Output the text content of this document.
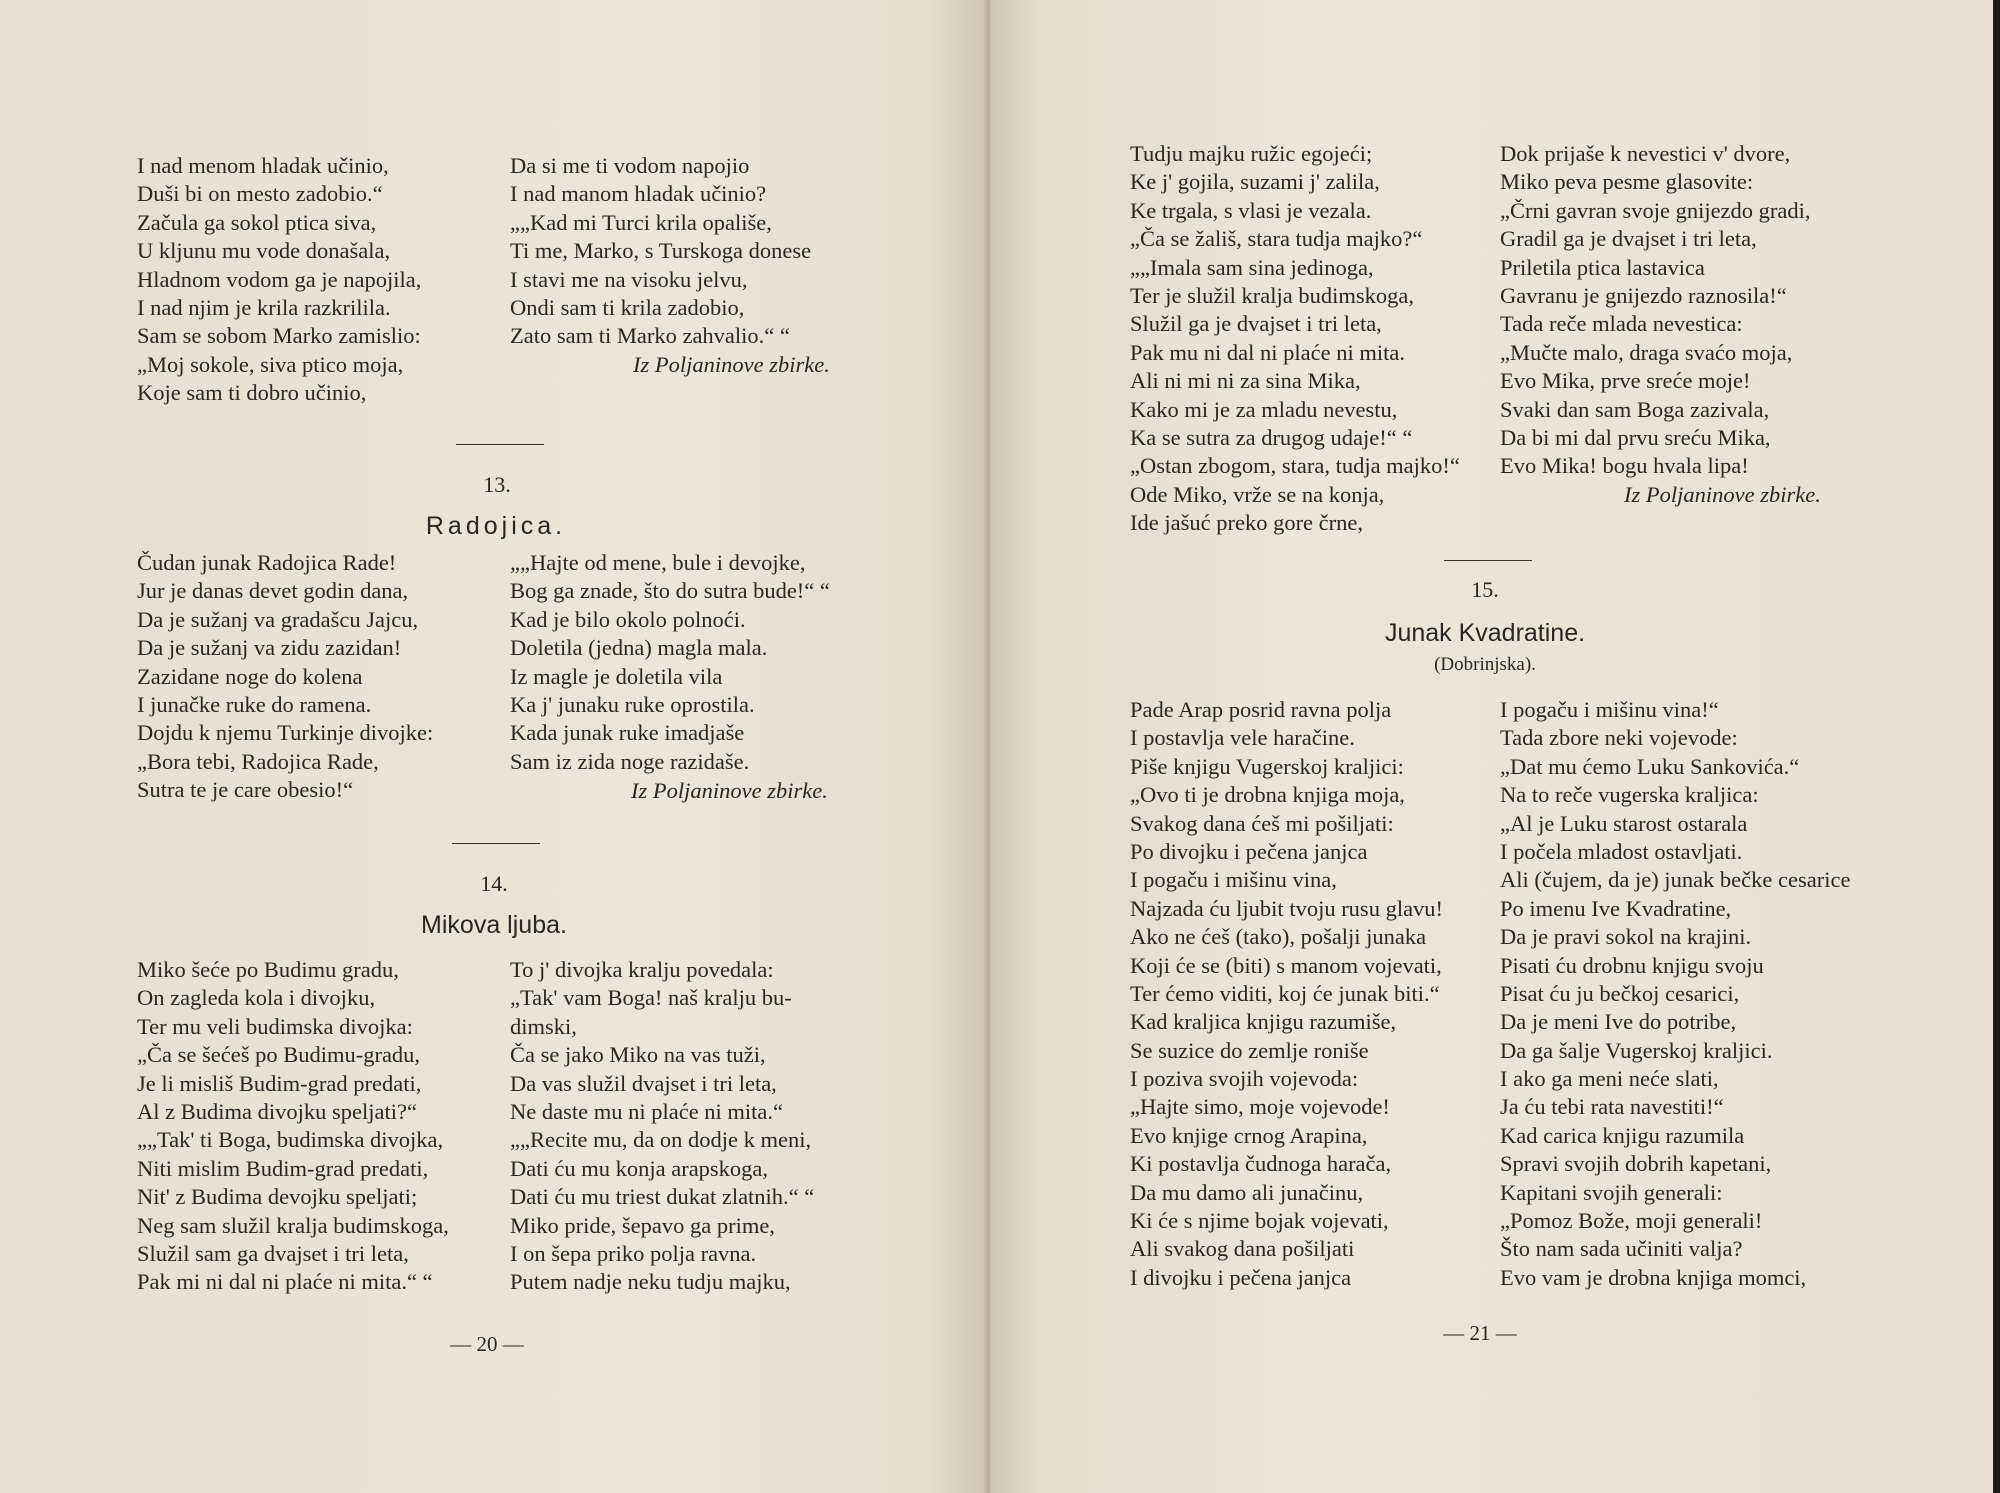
I nad menom hladak učinio,
Duši bi on mesto zadobio.“
Začula ga sokol ptica siva,
U kljunu mu vode donašala,
Hladnom vodom ga je napojila,
I nad njim je krila razkrilila.
Sam se sobom Marko zamislio:
„Moj sokole, siva ptico moja,
Koje sam ti dobro učinio,
Da si me ti vodom napojio
I nad manom hladak učinio?
„„Kad mi Turci krila opališe,
Ti me, Marko, s Turskoga donese
I stavi me na visoku jelvu,
Ondi sam ti krila zadobio,
Zato sam ti Marko zahvalio.“ “
Iz Poljaninove zbirke.
13.
Radojica.
Čudan junak Radojica Rade!
Jur je danas devet godin dana,
Da je sužanj va gradašcu Jajcu,
Da je sužanj va zidu zazidan!
Zazidane noge do kolena
I junačke ruke do ramena.
Dojdu k njemu Turkinje divojke:
„Bora tebi, Radojica Rade,
Sutra te je care obesio!“
„„Hajte od mene, bule i devojke,
Bog ga znade, što do sutra bude!“ “
Kad je bilo okolo polnoći.
Doletila (jedna) magla mala.
Iz magle je doletila vila
Ka j' junaku ruke oprostila.
Kada junak ruke imadjaše
Sam iz zida noge razidaše.
Iz Poljaninove zbirke.
14.
Mikova ljuba.
Miko šeće po Budimu gradu,
On zagleda kola i divojku,
Ter mu veli budimska divojka:
„Ča se šećeš po Budimu-gradu,
Je li misliš Budim-grad predati,
Al z Budima divojku speljati?“
„„Tak' ti Boga, budimska divojka,
Niti mislim Budim-grad predati,
Nit' z Budima devojku speljati;
Neg sam služil kralja budimskoga,
Služil sam ga dvajset i tri leta,
Pak mi ni dal ni plaće ni mita.“ “
To j' divojka kralju povedala:
„Tak' vam Boga! naš kralju bu-
dimski,
Ča se jako Miko na vas tuži,
Da vas služil dvajset i tri leta,
Ne daste mu ni plaće ni mita.“
„„Recite mu, da on dodje k meni,
Dati ću mu konja arapskoga,
Dati ću mu triest dukat zlatnih.“ “
Miko pride, šepavo ga prime,
I on šepa priko polja ravna.
Putem nadje neku tudju majku,
— 20 —
Tudju majku ružic egojeći;
Ke j' gojila, suzami j' zalila,
Ke trgala, s vlasi je vezala.
„Ča se žališ, stara tudja majko?“
„„Imala sam sina jedinoga,
Ter je služil kralja budimskoga,
Služil ga je dvajset i tri leta,
Pak mu ni dal ni plaće ni mita.
Ali ni mi ni za sina Mika,
Kako mi je za mladu nevestu,
Ka se sutra za drugog udaje!“ “
„Ostan zbogom, stara, tudja majko!“
Ode Miko, vrže se na konja,
Ide jašuć preko gore črne,
Dok prijaše k nevestici v' dvore,
Miko peva pesme glasovite:
„Črni gavran svoje gnijezdo gradi,
Gradil ga je dvajset i tri leta,
Priletila ptica lastavica
Gavranu je gnijezdo raznosila!“
Tada reče mlada nevestica:
„Mučte malo, draga svaćo moja,
Evo Mika, prve sreće moje!
Svaki dan sam Boga zazivala,
Da bi mi dal prvu sreću Mika,
Evo Mika! bogu hvala lipa!
Iz Poljaninove zbirke.
15.
Junak Kvadratine.
(Dobrinjska).
Pade Arap posrid ravna polja
I postavlja vele haračine.
Piše knjigu Vugerskoj kraljici:
„Ovo ti je drobna knjiga moja,
Svakog dana ćeš mi pošiljati:
Po divojku i pečena janjca
I pogaču i mišinu vina,
Najzada ću ljubit tvoju rusu glavu!
Ako ne ćeš (tako), pošalji junaka
Koji će se (biti) s manom vojevati,
Ter ćemo viditi, koj će junak biti.“
Kad kraljica knjigu razumiše,
Se suzice do zemlje roniše
I poziva svojih vojevoda:
„Hajte simo, moje vojevode!
Evo knjige crnog Arapina,
Ki postavlja čudnoga harača,
Da mu damo ali junačinu,
Ki će s njime bojak vojevati,
Ali svakog dana pošiljati
I divojku i pečena janjca
I pogaču i mišinu vina!“
Tada zbore neki vojevode:
„Dat mu ćemo Luku Sankovića.“
Na to reče vugerska kraljica:
„Al je Luku starost ostarala
I počela mladost ostavljati.
Ali (čujem, da je) junak bečke cesarice
Po imenu Ive Kvadratine,
Da je pravi sokol na krajini.
Pisati ću drobnu knjigu svoju
Pisat ću ju bečkoj cesarici,
Da je meni Ive do potribe,
Da ga šalje Vugerskoj kraljici.
I ako ga meni neće slati,
Ja ću tebi rata navestiti!“
Kad carica knjigu razumila
Spravi svojih dobrih kapetani,
Kapitani svojih generali:
„Pomoz Bože, moji generali!
Što nam sada učiniti valja?
Evo vam je drobna knjiga momci,
— 21 —
